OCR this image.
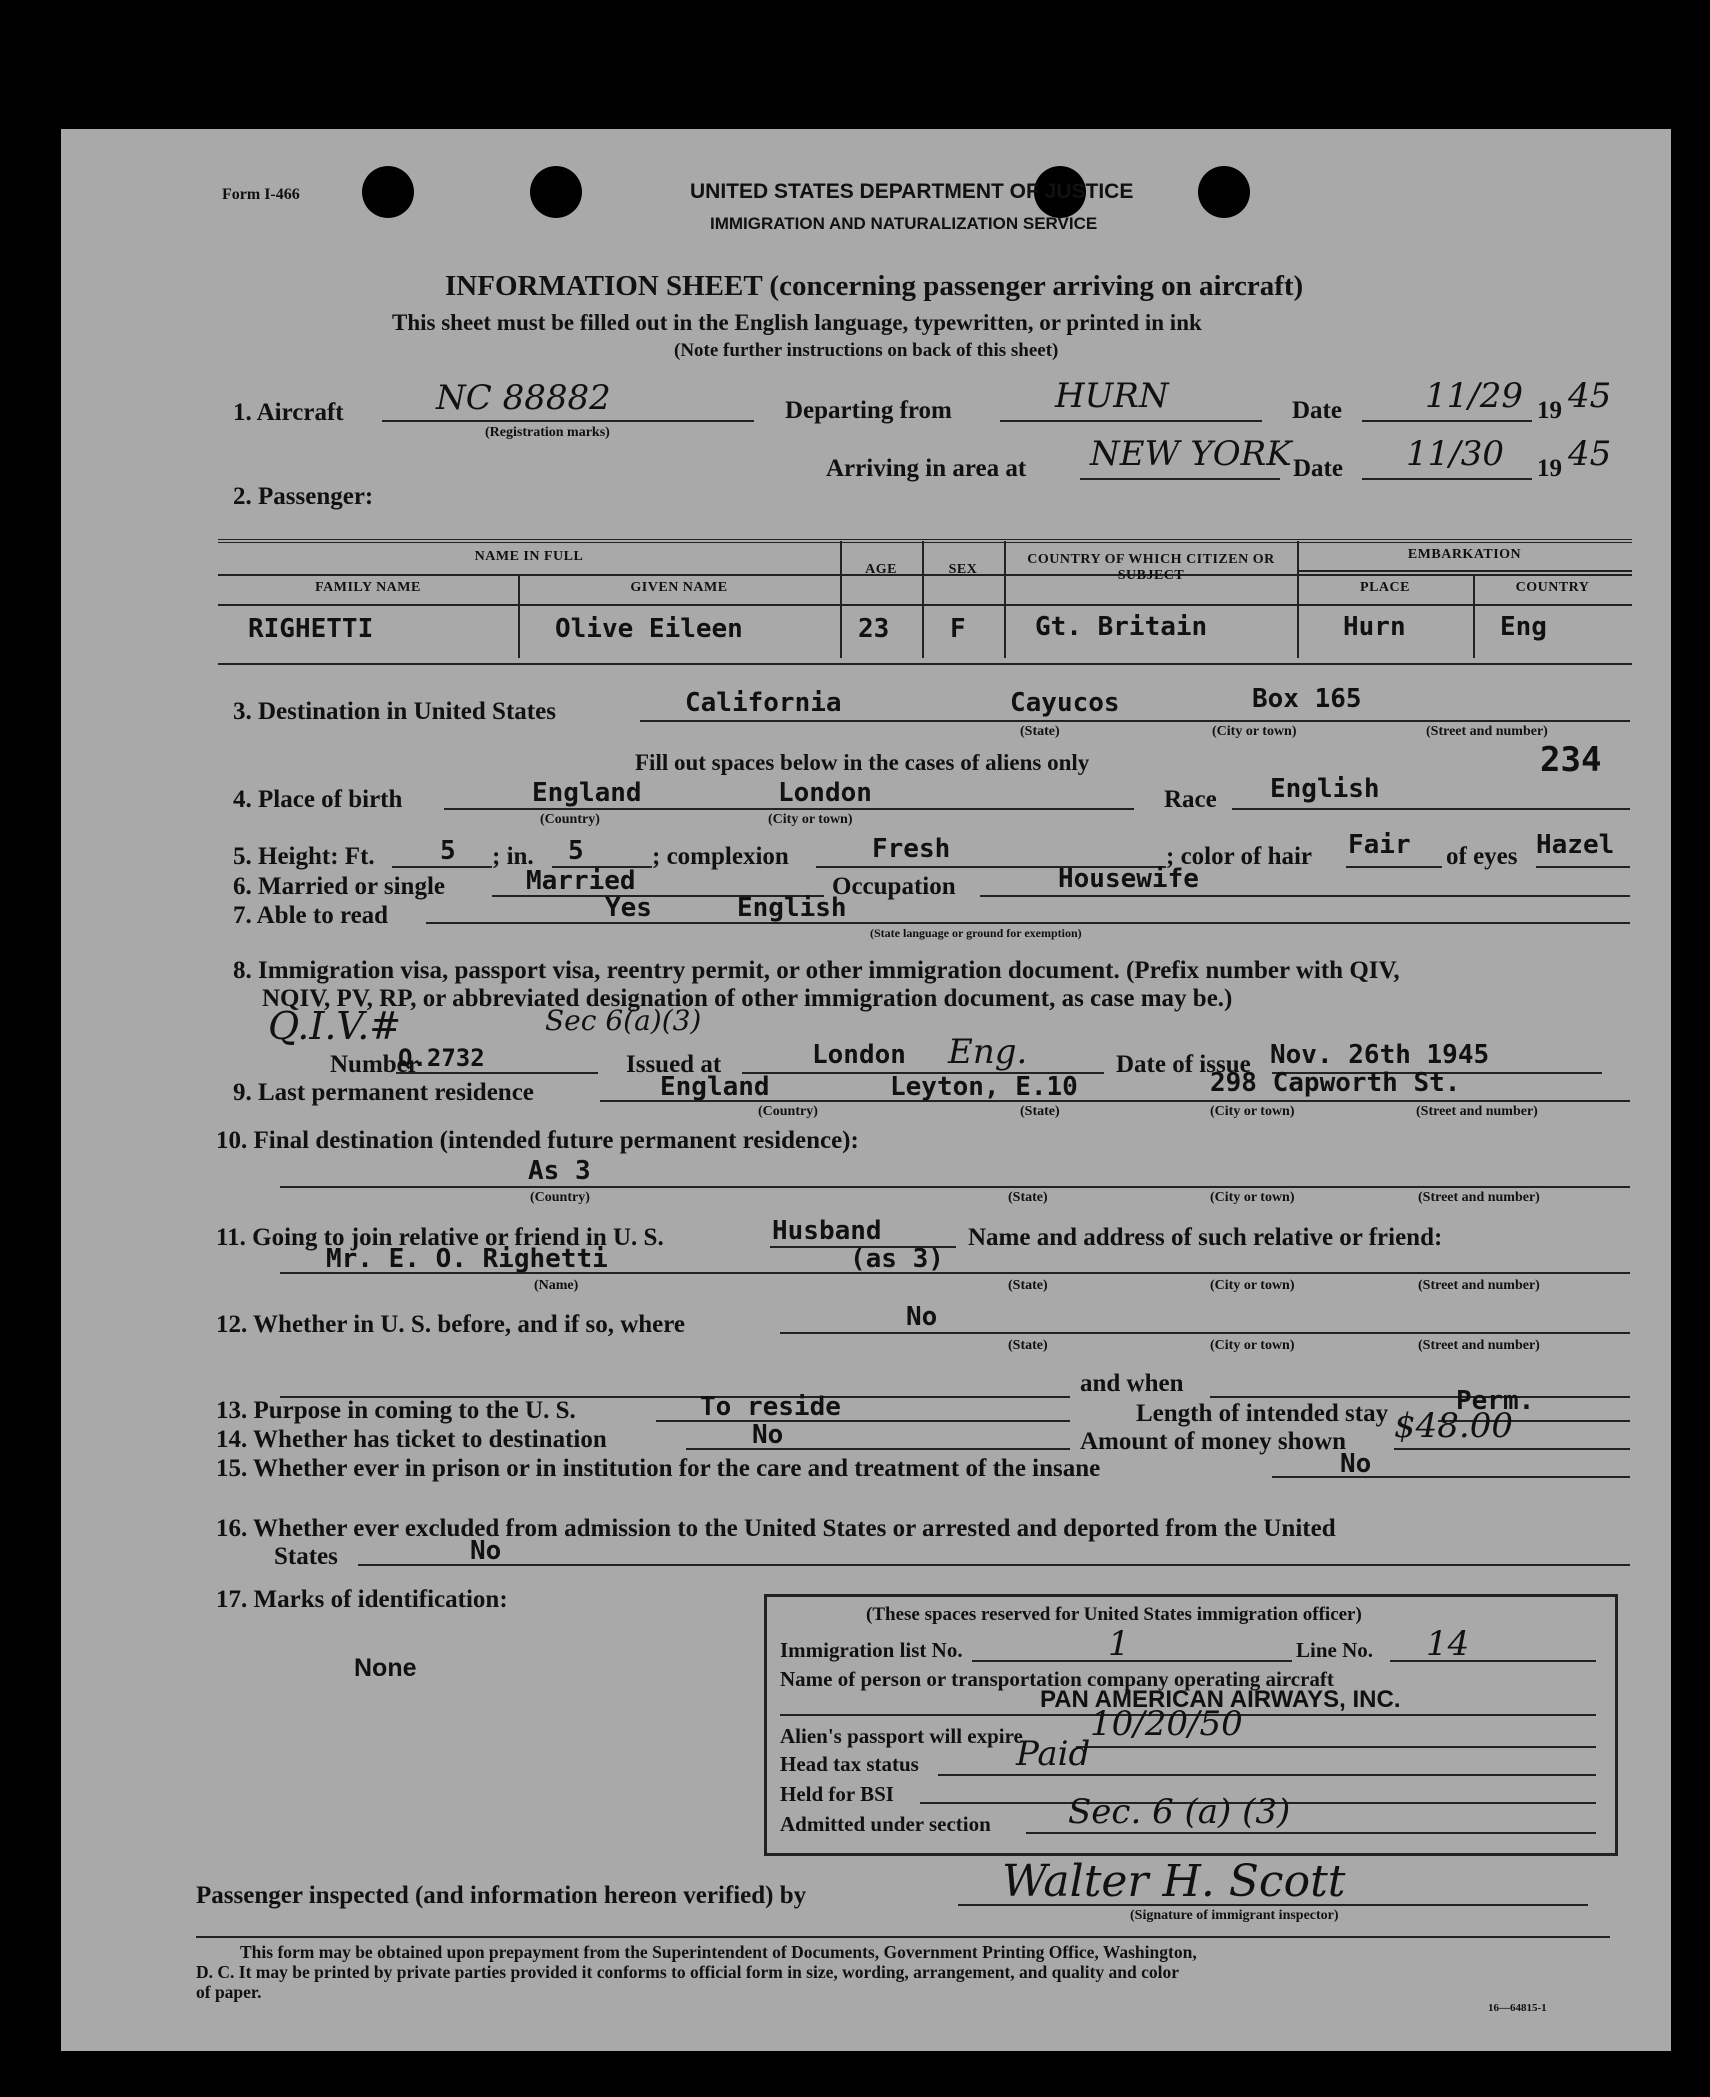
Form I-466	UNITED STATES DEPARTMENT OF JUSTICE
IMMIGRATION AND NATURALIZATION SERVICE
INFORMATION SHEET (concerning passenger arriving on aircraft)
This sheet must be filled out in the English language, typewritten, or printed in ink
(Note further instructions on back of this sheet)
1. Aircraft	NC 88882
(Registration marks)
Departing from	HURN	Date 11/29 19 45
Arriving in area at NEW YORK Date 11/30 19 45
2. Passenger:
NAME IN FULL
FAMILY NAME	GIVEN NAME
AGE	SEX
COUNTRY OF WHICH CITIZEN OR SUBJECT
EMBARKATION
PLACE	COUNTRY
RIGHETTI	Olive Eileen	23 F	Gt. Britain	Hurn	Eng
3. Destination in United States	California	Cayucos	Box 165
(State)	(City or town)	(Street and number)
Fill out spaces below in the cases of aliens only	234
4. Place of birth	England	London
(Country)	(City or town)
Race English
5. Height: Ft.	5 ; in. 5	; complexion	Fresh	; color of hair Fair of eyes Hazel
6. Married or single	Married	Occupation	Housewife
7. Able to read	Yes	English
(State language or ground for exemption)
8. Immigration visa, passport visa, reentry permit, or other immigration document. (Prefix number with QIV,
NQIV, PV, RP, or abbreviated designation of other immigration document, as case may be.)
Q.I.V.#	Sec 6(a)(3)
Number
Q.2732	Issued at	London Eng.	Date of issue Nov. 26th 1945
9. Last permanent residence	England	Leyton, E.10	298 Capworth St.
(Country)	(State)	(City or town)	(Street and number)
10. Final destination (intended future permanent residence):
As 3
(Country)	(State)	(City or town)	(Street and number)
11. Going to join relative or friend in U. S.	Husband	Name and address of such relative or friend:
Mr. E. O. Righetti	(as 3)
(Name)	(State)	(City or town)	(Street and number)
12. Whether in U. S. before, and if so, where	No
(State)	(City or town)	(Street and number)
and when
13. Purpose in coming to the U. S.	To reside	Length of intended stay	Perm.
14. Whether has ticket to destination	No	Amount of money shown $48.00
15. Whether ever in prison or in institution for the care and treatment of the insane	No
16. Whether ever excluded from admission to the United States or arrested and deported from the United
States	No
17. Marks of identification:
None
(These spaces reserved for United States immigration officer)
Immigration list No.	1	Line No. 14
Name of person or transportation company operating aircraft
PAN AMERICAN AIRWAYS, INC.
Alien's passport will expire 10/20/50
Head tax status	Paid
Held for BSI
Admitted under section Sec. 6 (a) (3)
Passenger inspected (and information hereon verified) by	Walter H. Scott
(Signature of immigrant inspector)
This form may be obtained upon prepayment from the Superintendent of Documents, Government Printing Office, Washington,
D. C. It may be printed by private parties provided it conforms to official form in size, wording, arrangement, and quality and color
of paper.
16—64815-1
